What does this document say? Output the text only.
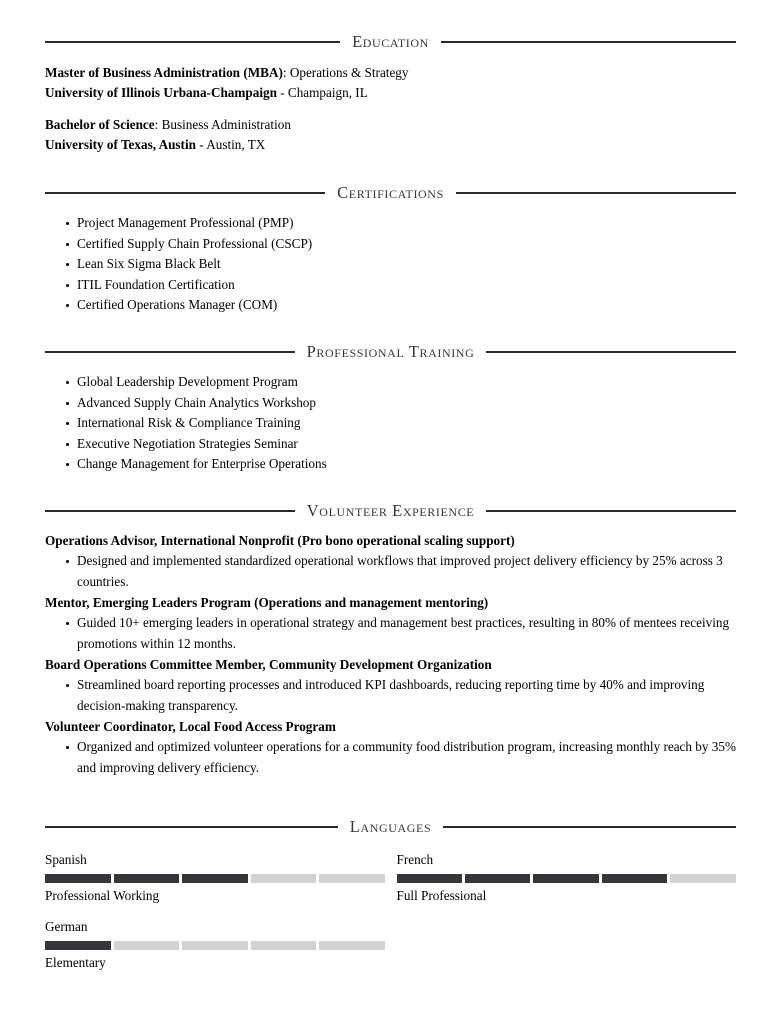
Education
Master of Business Administration (MBA): Operations & Strategy
University of Illinois Urbana-Champaign - Champaign, IL
Bachelor of Science: Business Administration
University of Texas, Austin - Austin, TX
Certifications
Project Management Professional (PMP)
Certified Supply Chain Professional (CSCP)
Lean Six Sigma Black Belt
ITIL Foundation Certification
Certified Operations Manager (COM)
Professional Training
Global Leadership Development Program
Advanced Supply Chain Analytics Workshop
International Risk & Compliance Training
Executive Negotiation Strategies Seminar
Change Management for Enterprise Operations
Volunteer Experience
Operations Advisor, International Nonprofit (Pro bono operational scaling support)
Designed and implemented standardized operational workflows that improved project delivery efficiency by 25% across 3 countries.
Mentor, Emerging Leaders Program (Operations and management mentoring)
Guided 10+ emerging leaders in operational strategy and management best practices, resulting in 80% of mentees receiving promotions within 12 months.
Board Operations Committee Member, Community Development Organization
Streamlined board reporting processes and introduced KPI dashboards, reducing reporting time by 40% and improving decision-making transparency.
Volunteer Coordinator, Local Food Access Program
Organized and optimized volunteer operations for a community food distribution program, increasing monthly reach by 35% and improving delivery efficiency.
Languages
Spanish
Professional Working
French
Full Professional
German
Elementary
